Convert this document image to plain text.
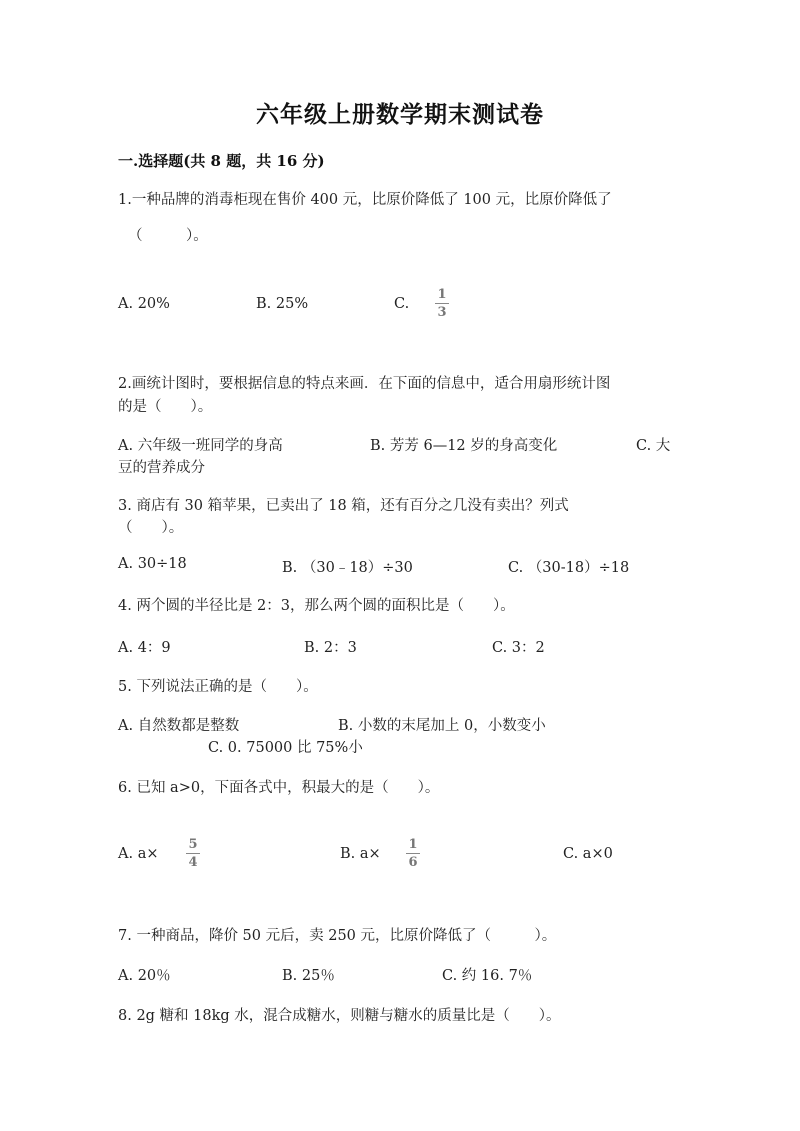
六年级上册数学期末测试卷
一.选择题(共 8 题，共 16 分)
1.一种品牌的消毒柜现在售价 400 元，比原价降低了 100 元，比原价降低了
（　　　）。
A. 20%	B. 25%	C.
1
3
2.画统计图时，要根据信息的特点来画．在下面的信息中，适合用扇形统计图
的是（　　）。
A. 六年级一班同学的身高	B. 芳芳 6—12 岁的身高变化	C. 大
豆的营养成分
3. 商店有 30 箱苹果，已卖出了 18 箱，还有百分之几没有卖出？列式
（　　）。
A. 30÷18	B. （30﹣18）÷30	C. （30-18）÷18
4. 两个圆的半径比是 2：3，那么两个圆的面积比是（　　）。
A. 4：9	B. 2：3	C. 3：2
5. 下列说法正确的是（　　）。
A. 自然数都是整数	B. 小数的末尾加上 0，小数变小
C. 0. 75000 比 75%小
6. 已知 a>0，下面各式中，积最大的是（　　）。
A. a×
5
4
B. a×
1
6
C. a×0
7. 一种商品，降价 50 元后，卖 250 元，比原价降低了（　　　）。
A. 20％	B. 25％	C. 约 16. 7％
8. 2g 糖和 18kg 水，混合成糖水，则糖与糖水的质量比是（　　）。
